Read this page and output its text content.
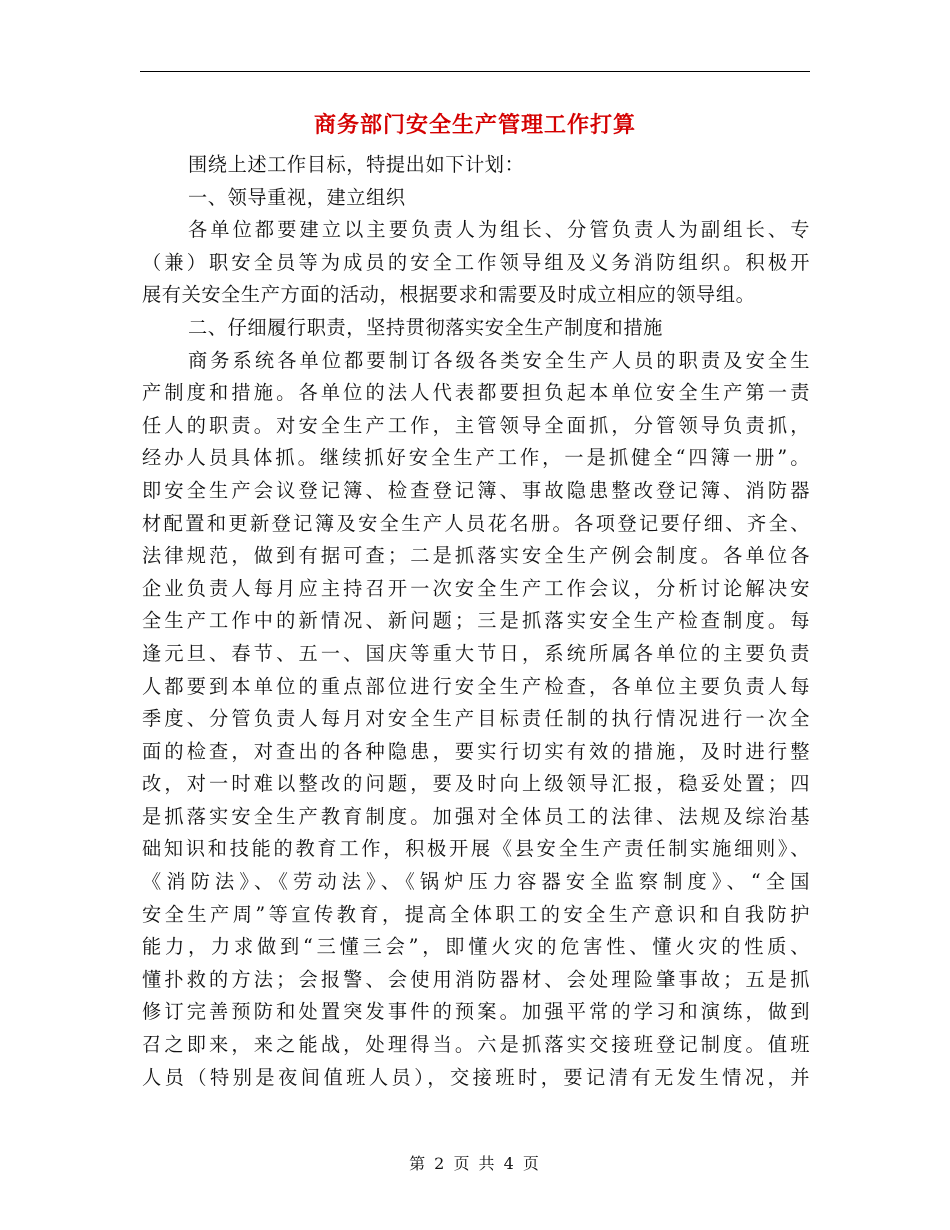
商务部门安全生产管理工作打算
围绕上述工作目标，特提出如下计划：
一、领导重视，建立组织
各单位都要建立以主要负责人为组长、分管负责人为副组长、专
（兼）职安全员等为成员的安全工作领导组及义务消防组织。积极开
展有关安全生产方面的活动，根据要求和需要及时成立相应的领导组。
二、仔细履行职责，坚持贯彻落实安全生产制度和措施
商务系统各单位都要制订各级各类安全生产人员的职责及安全生
产制度和措施。各单位的法人代表都要担负起本单位安全生产第一责
任人的职责。对安全生产工作，主管领导全面抓，分管领导负责抓，
经办人员具体抓。继续抓好安全生产工作，一是抓健全“四簿一册”。
即安全生产会议登记簿、检查登记簿、事故隐患整改登记簿、消防器
材配置和更新登记簿及安全生产人员花名册。各项登记要仔细、齐全、
法律规范，做到有据可查；二是抓落实安全生产例会制度。各单位各
企业负责人每月应主持召开一次安全生产工作会议，分析讨论解决安
全生产工作中的新情况、新问题；三是抓落实安全生产检查制度。每
逢元旦、春节、五一、国庆等重大节日，系统所属各单位的主要负责
人都要到本单位的重点部位进行安全生产检查，各单位主要负责人每
季度、分管负责人每月对安全生产目标责任制的执行情况进行一次全
面的检查，对查出的各种隐患，要实行切实有效的措施，及时进行整
改，对一时难以整改的问题，要及时向上级领导汇报，稳妥处置；四
是抓落实安全生产教育制度。加强对全体员工的法律、法规及综治基
础知识和技能的教育工作，积极开展《县安全生产责任制实施细则》、
《消防法》、《劳动法》、《锅炉压力容器安全监察制度》、“全国
安全生产周”等宣传教育，提高全体职工的安全生产意识和自我防护
能力，力求做到“三懂三会”，即懂火灾的危害性、懂火灾的性质、
懂扑救的方法；会报警、会使用消防器材、会处理险肇事故；五是抓
修订完善预防和处置突发事件的预案。加强平常的学习和演练，做到
召之即来，来之能战，处理得当。六是抓落实交接班登记制度。值班
人员（特别是夜间值班人员），交接班时，要记清有无发生情况，并
第 2 页 共 4 页
